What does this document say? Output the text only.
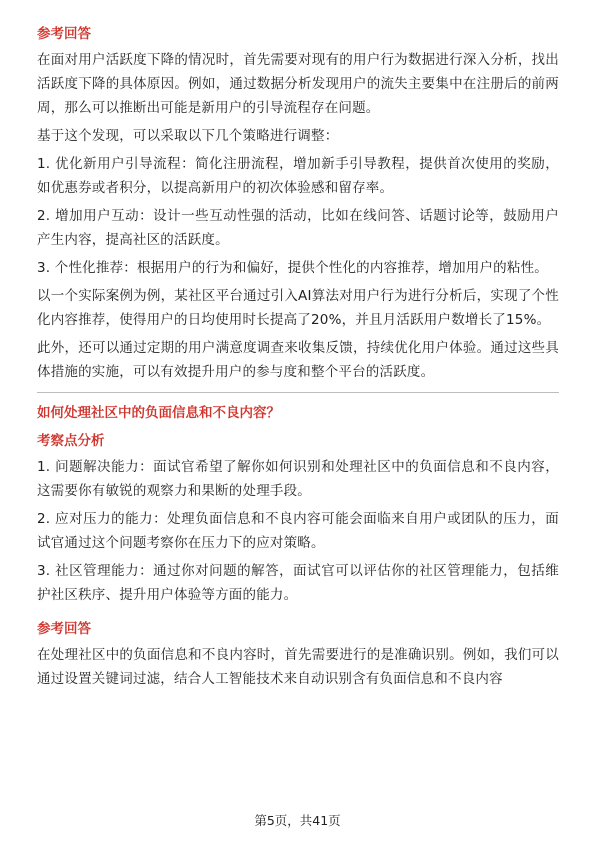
参考回答
在面对用户活跃度下降的情况时，首先需要对现有的用户行为数据进行深入分析，找出活跃度下降的具体原因。例如，通过数据分析发现用户的流失主要集中在注册后的前两周，那么可以推断出可能是新用户的引导流程存在问题。
基于这个发现，可以采取以下几个策略进行调整：
1. 优化新用户引导流程：简化注册流程，增加新手引导教程，提供首次使用的奖励，如优惠券或者积分，以提高新用户的初次体验感和留存率。
2. 增加用户互动：设计一些互动性强的活动，比如在线问答、话题讨论等，鼓励用户产生内容，提高社区的活跃度。
3. 个性化推荐：根据用户的行为和偏好，提供个性化的内容推荐，增加用户的粘性。
以一个实际案例为例，某社区平台通过引入AI算法对用户行为进行分析后，实现了个性化内容推荐，使得用户的日均使用时长提高了20%，并且月活跃用户数增长了15%。
此外，还可以通过定期的用户满意度调查来收集反馈，持续优化用户体验。通过这些具体措施的实施，可以有效提升用户的参与度和整个平台的活跃度。
如何处理社区中的负面信息和不良内容？
考察点分析
1. 问题解决能力：面试官希望了解你如何识别和处理社区中的负面信息和不良内容，这需要你有敏锐的观察力和果断的处理手段。
2. 应对压力的能力：处理负面信息和不良内容可能会面临来自用户或团队的压力，面试官通过这个问题考察你在压力下的应对策略。
3. 社区管理能力：通过你对问题的解答，面试官可以评估你的社区管理能力，包括维护社区秩序、提升用户体验等方面的能力。
参考回答
在处理社区中的负面信息和不良内容时，首先需要进行的是准确识别。例如，我们可以通过设置关键词过滤，结合人工智能技术来自动识别含有负面信息和不良内容
第5页，共41页
